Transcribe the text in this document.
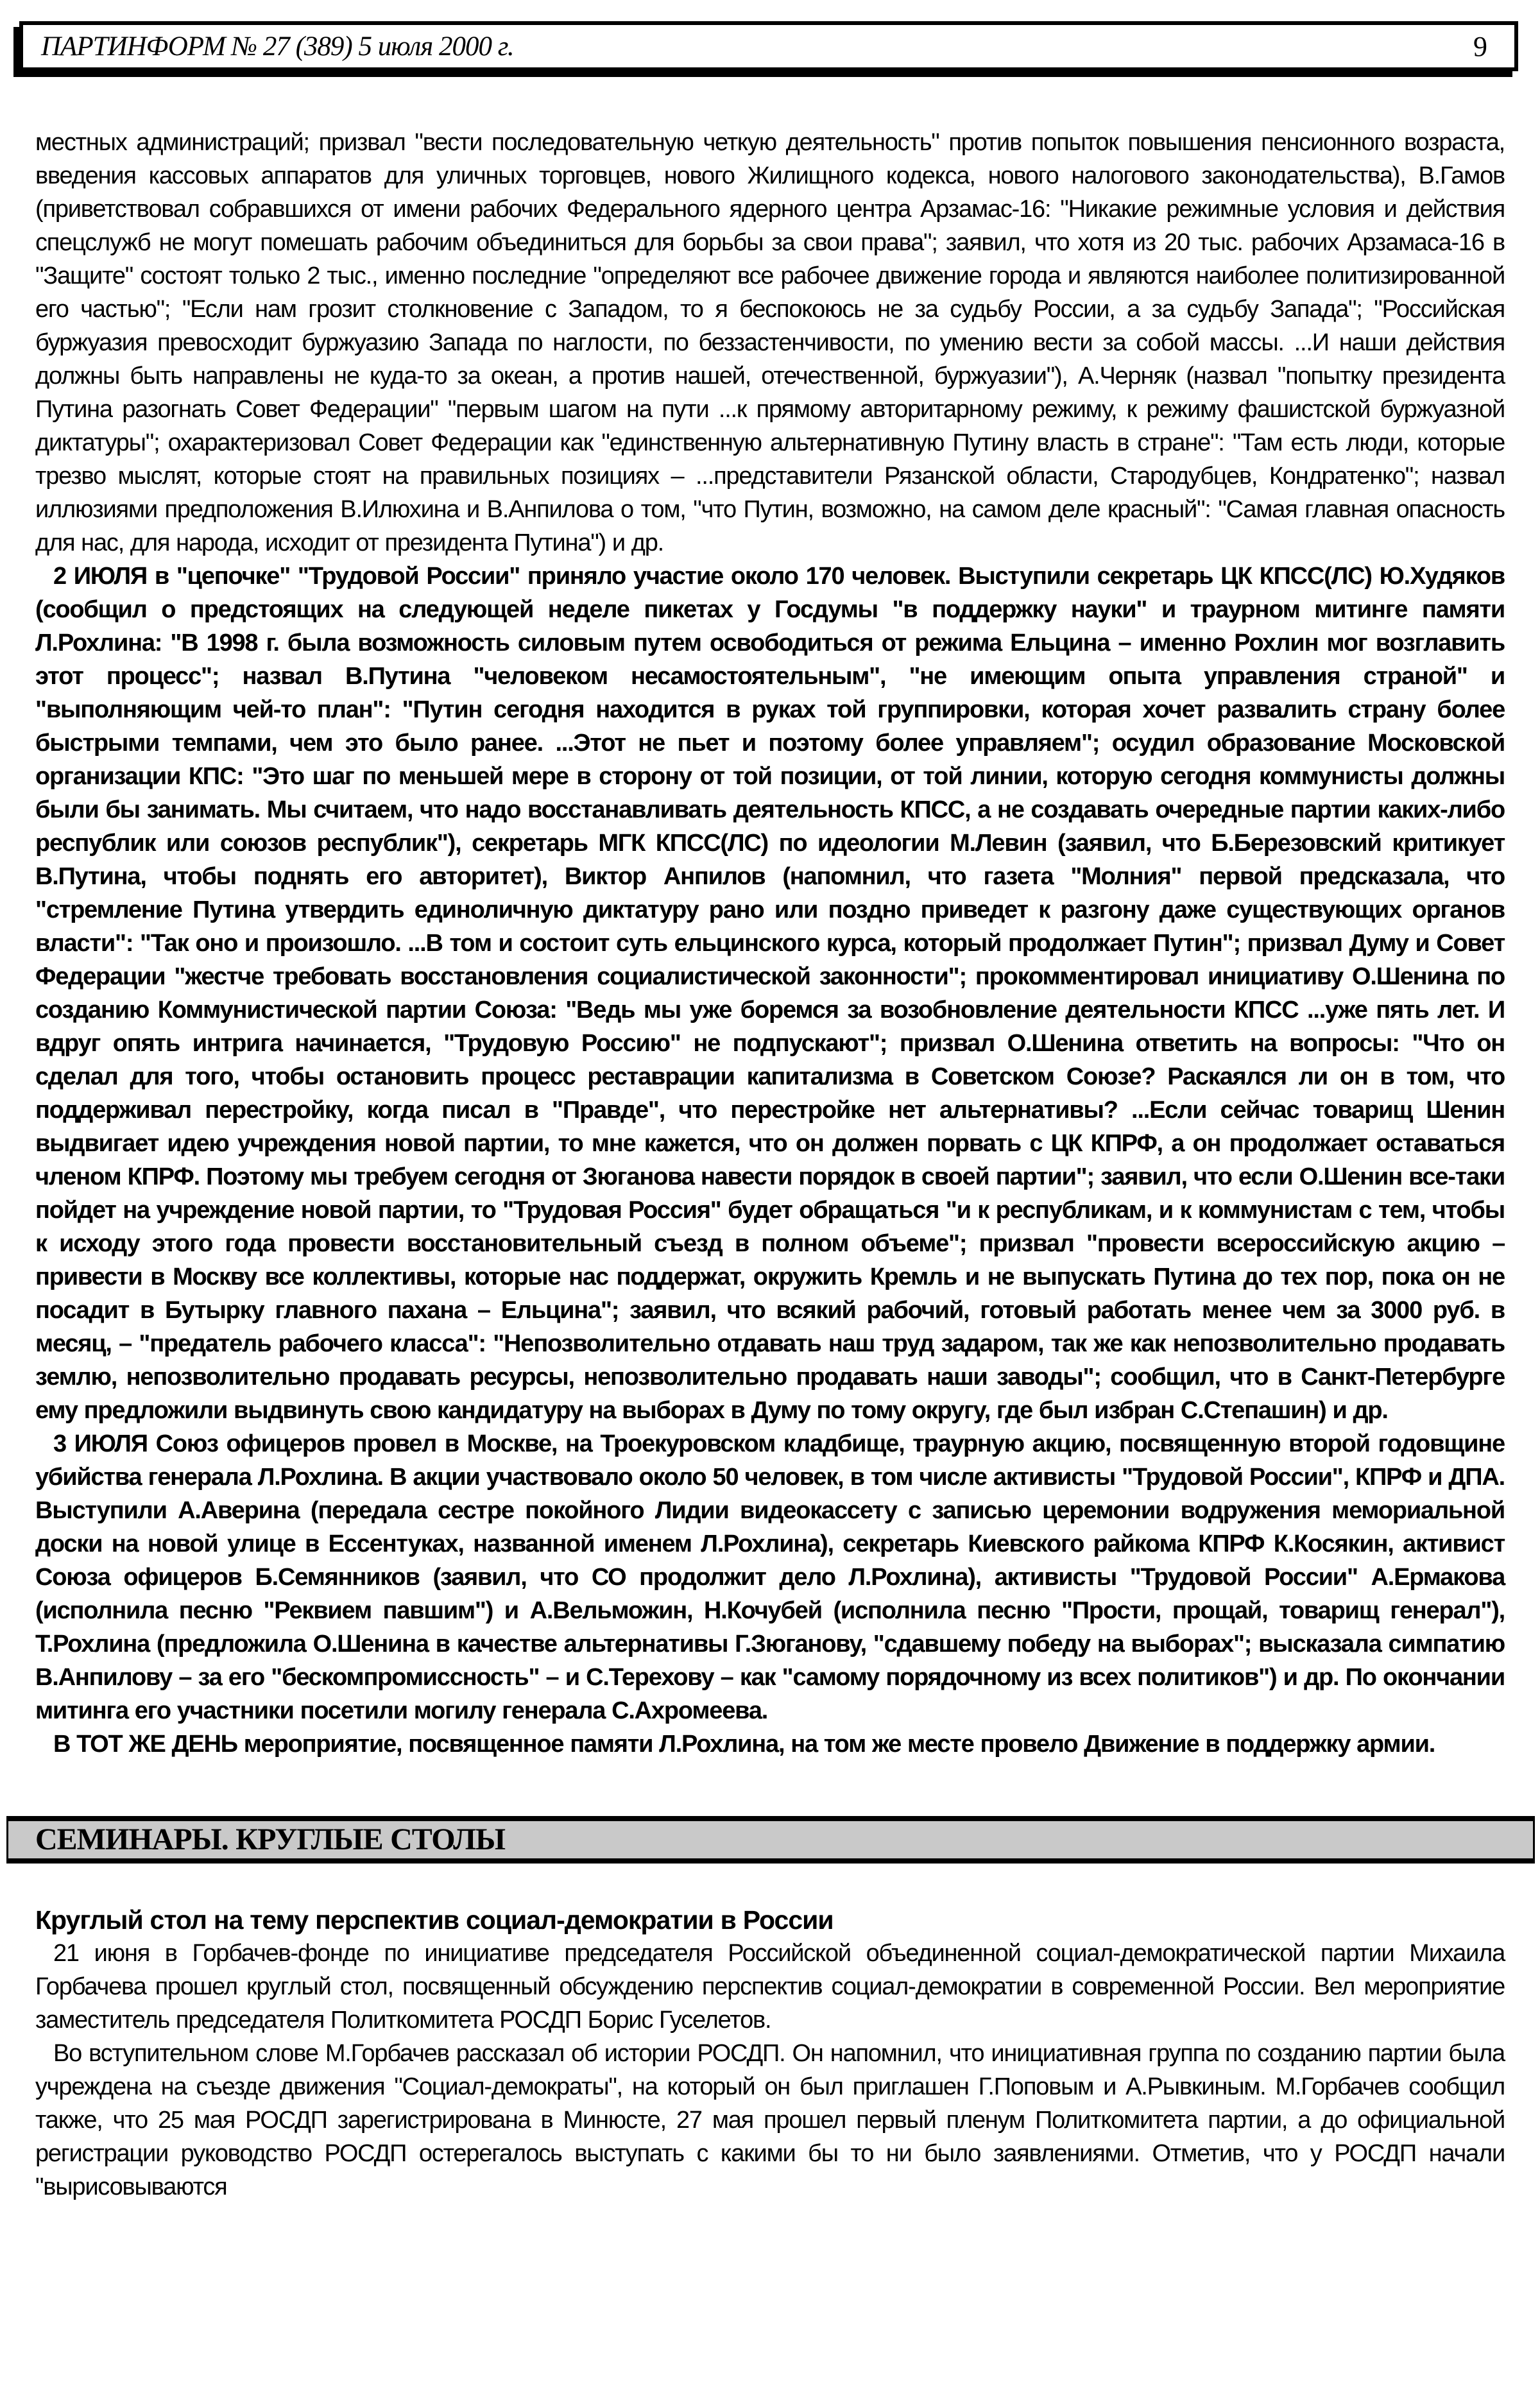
ПАРТИНФОРМ № 27 (389) 5 июля 2000 г.	9

местных администраций; призвал "вести последовательную четкую деятельность" против попыток повышения пенсионного возраста, введения кассовых аппаратов для уличных торговцев, нового Жилищного кодекса, нового налогового законодательства), В.Гамов (приветствовал собравшихся от имени рабочих Федерального ядерного центра Арзамас-16: "Никакие режимные условия и действия спецслужб не могут помешать рабочим объединиться для борьбы за свои права"; заявил, что хотя из 20 тыс. рабочих Арзамаса-16 в "Защите" состоят только 2 тыс., именно последние "определяют все рабочее движение города и являются наиболее политизированной его частью"; "Если нам грозит столкновение с Западом, то я беспокоюсь не за судьбу России, а за судьбу Запада"; "Российская буржуазия превосходит буржуазию Запада по наглости, по беззастенчивости, по умению вести за собой массы. ...И наши действия должны быть направлены не куда-то за океан, а против нашей, отечественной, буржуазии"), А.Черняк (назвал "попытку президента Путина разогнать Совет Федерации" "первым шагом на пути ...к прямому авторитарному режиму, к режиму фашистской буржуазной диктатуры"; охарактеризовал Совет Федерации как "единственную альтернативную Путину власть в стране": "Там есть люди, которые трезво мыслят, которые стоят на правильных позициях – ...представители Рязанской области, Стародубцев, Кондратенко"; назвал иллюзиями предположения В.Илюхина и В.Анпилова о том, "что Путин, возможно, на самом деле красный": "Самая главная опасность для нас, для народа, исходит от президента Путина") и др.

2 ИЮЛЯ в "цепочке" "Трудовой России" приняло участие около 170 человек. Выступили секретарь ЦК КПСС(ЛС) Ю.Худяков (сообщил о предстоящих на следующей неделе пикетах у Госдумы "в поддержку науки" и траурном митинге памяти Л.Рохлина: "В 1998 г. была возможность силовым путем освободиться от режима Ельцина – именно Рохлин мог возглавить этот процесс"; назвал В.Путина "человеком несамостоятельным", "не имеющим опыта управления страной" и "выполняющим чей-то план": "Путин сегодня находится в руках той группировки, которая хочет развалить страну более быстрыми темпами, чем это было ранее. ...Этот не пьет и поэтому более управляем"; осудил образование Московской организации КПС: "Это шаг по меньшей мере в сторону от той позиции, от той линии, которую сегодня коммунисты должны были бы занимать. Мы считаем, что надо восстанавливать деятельность КПСС, а не создавать очередные партии каких-либо республик или союзов республик"), секретарь МГК КПСС(ЛС) по идеологии М.Левин (заявил, что Б.Березовский критикует В.Путина, чтобы поднять его авторитет), Виктор Анпилов (напомнил, что газета "Молния" первой предсказала, что "стремление Путина утвердить единоличную диктатуру рано или поздно приведет к разгону даже существующих органов власти": "Так оно и произошло. ...В том и состоит суть ельцинского курса, который продолжает Путин"; призвал Думу и Совет Федерации "жестче требовать восстановления социалистической законности"; прокомментировал инициативу О.Шенина по созданию Коммунистической партии Союза: "Ведь мы уже боремся за возобновление деятельности КПСС ...уже пять лет. И вдруг опять интрига начинается, "Трудовую Россию" не подпускают"; призвал О.Шенина ответить на вопросы: "Что он сделал для того, чтобы остановить процесс реставрации капитализма в Советском Союзе? Раскаялся ли он в том, что поддерживал перестройку, когда писал в "Правде", что перестройке нет альтернативы? ...Если сейчас товарищ Шенин выдвигает идею учреждения новой партии, то мне кажется, что он должен порвать с ЦК КПРФ, а он продолжает оставаться членом КПРФ. Поэтому мы требуем сегодня от Зюганова навести порядок в своей партии"; заявил, что если О.Шенин все-таки пойдет на учреждение новой партии, то "Трудовая Россия" будет обращаться "и к республикам, и к коммунистам с тем, чтобы к исходу этого года провести восстановительный съезд в полном объеме"; призвал "провести всероссийскую акцию – привести в Москву все коллективы, которые нас поддержат, окружить Кремль и не выпускать Путина до тех пор, пока он не посадит в Бутырку главного пахана – Ельцина"; заявил, что всякий рабочий, готовый работать менее чем за 3000 руб. в месяц, – "предатель рабочего класса": "Непозволительно отдавать наш труд задаром, так же как непозволительно продавать землю, непозволительно продавать ресурсы, непозволительно продавать наши заводы"; сообщил, что в Санкт-Петербурге ему предложили выдвинуть свою кандидатуру на выборах в Думу по тому округу, где был избран С.Степашин) и др.

3 ИЮЛЯ Союз офицеров провел в Москве, на Троекуровском кладбище, траурную акцию, посвященную второй годовщине убийства генерала Л.Рохлина. В акции участвовало около 50 человек, в том числе активисты "Трудовой России", КПРФ и ДПА. Выступили А.Аверина (передала сестре покойного Лидии видеокассету с записью церемонии водружения мемориальной доски на новой улице в Ессентуках, названной именем Л.Рохлина), секретарь Киевского райкома КПРФ К.Косякин, активист Союза офицеров Б.Семянников (заявил, что СО продолжит дело Л.Рохлина), активисты "Трудовой России" А.Ермакова (исполнила песню "Реквием павшим") и А.Вельможин, Н.Кочубей (исполнила песню "Прости, прощай, товарищ генерал"), Т.Рохлина (предложила О.Шенина в качестве альтернативы Г.Зюганову, "сдавшему победу на выборах"; высказала симпатию В.Анпилову – за его "бескомпромиссность" – и С.Терехову – как "самому порядочному из всех политиков") и др. По окончании митинга его участники посетили могилу генерала С.Ахромеева.

В ТОТ ЖЕ ДЕНЬ мероприятие, посвященное памяти Л.Рохлина, на том же месте провело Движение в поддержку армии.

СЕМИНАРЫ. КРУГЛЫЕ СТОЛЫ

Круглый стол на тему перспектив социал-демократии в России

21 июня в Горбачев-фонде по инициативе председателя Российской объединенной социал-демократической партии Михаила Горбачева прошел круглый стол, посвященный обсуждению перспектив социал-демократии в современной России. Вел мероприятие заместитель председателя Политкомитета РОСДП Борис Гуселетов.

Во вступительном слове М.Горбачев рассказал об истории РОСДП. Он напомнил, что инициативная группа по созданию партии была учреждена на съезде движения "Социал-демократы", на который он был приглашен Г.Поповым и А.Рывкиным. М.Горбачев сообщил также, что 25 мая РОСДП зарегистрирована в Минюсте, 27 мая прошел первый пленум Политкомитета партии, а до официальной регистрации руководство РОСДП остерегалось выступать с какими бы то ни было заявлениями. Отметив, что у РОСДП начали "вырисовываются
